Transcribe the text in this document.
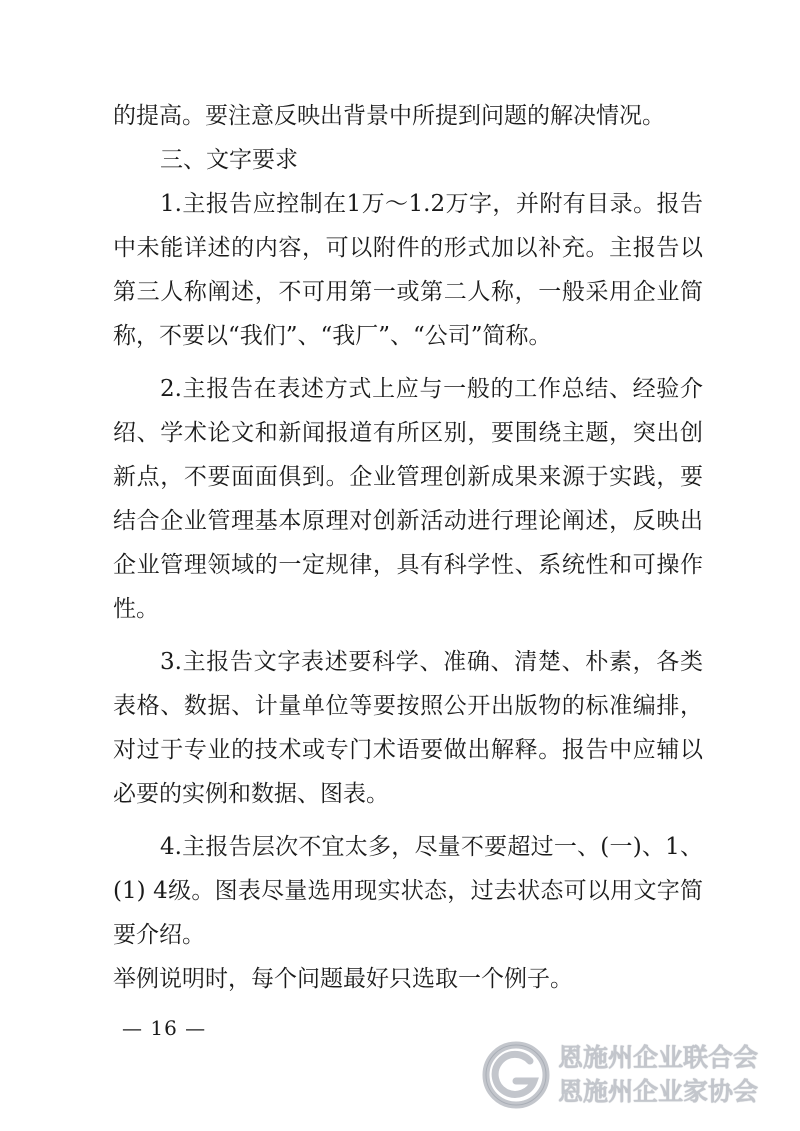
的提高。要注意反映出背景中所提到问题的解决情况。

三、文字要求

1.主报告应控制在1万～1.2万字，并附有目录。报告中未能详述的内容，可以附件的形式加以补充。主报告以第三人称阐述，不可用第一或第二人称，一般采用企业简称，不要以“我们”、“我厂”、“公司”简称。

2.主报告在表述方式上应与一般的工作总结、经验介绍、学术论文和新闻报道有所区别，要围绕主题，突出创新点，不要面面俱到。企业管理创新成果来源于实践，要结合企业管理基本原理对创新活动进行理论阐述，反映出企业管理领域的一定规律，具有科学性、系统性和可操作性。

3.主报告文字表述要科学、准确、清楚、朴素，各类表格、数据、计量单位等要按照公开出版物的标准编排，对过于专业的技术或专门术语要做出解释。报告中应辅以必要的实例和数据、图表。

4.主报告层次不宜太多，尽量不要超过一、(一)、1、(1) 4级。图表尽量选用现实状态，过去状态可以用文字简要介绍。

举例说明时，每个问题最好只选取一个例子。

— 16 —
恩施州企业联合会
恩施州企业家协会
